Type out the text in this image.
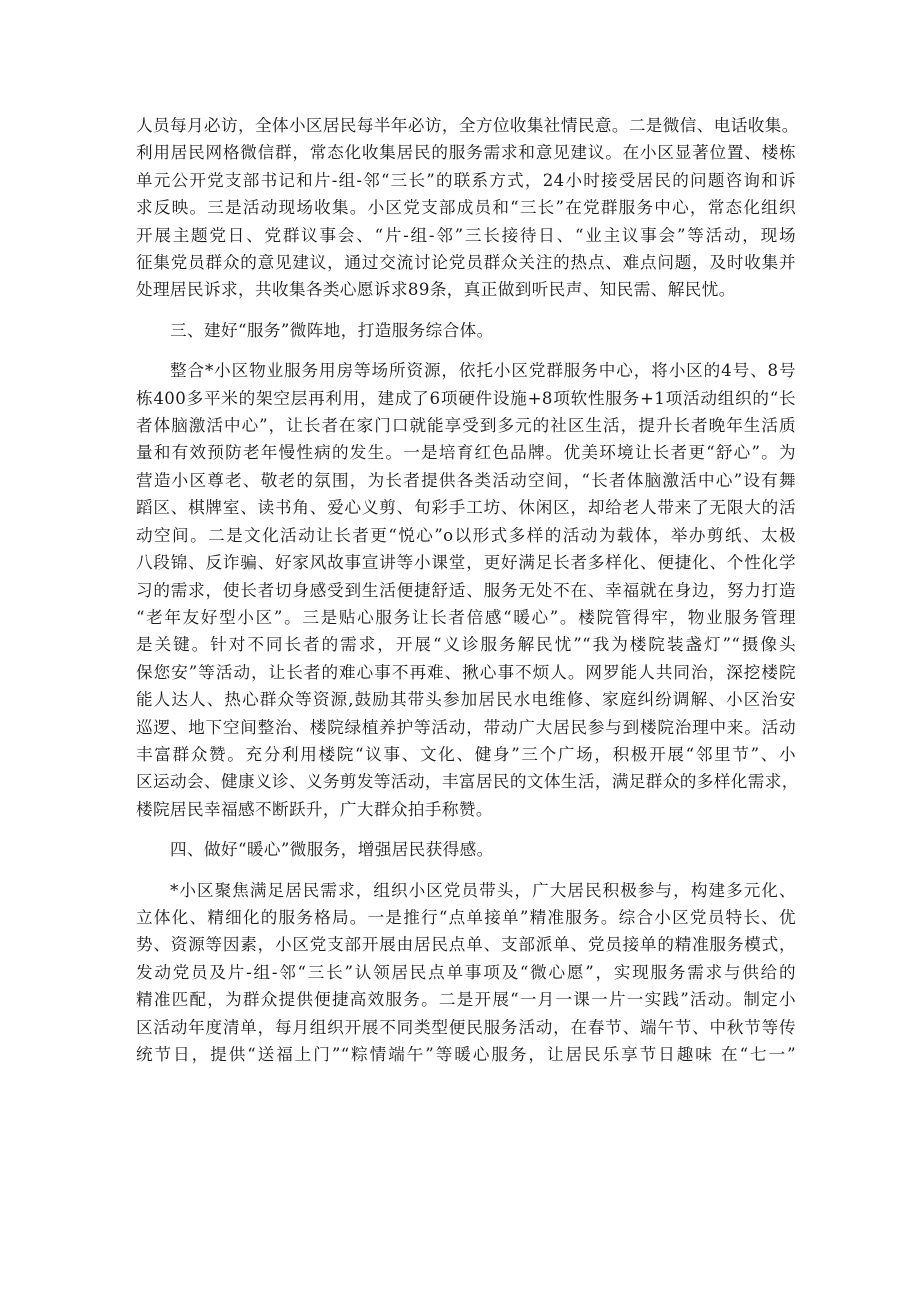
人员每月必访，全体小区居民每半年必访，全方位收集社情民意。二是微信、电话收集。
利用居民网格微信群，常态化收集居民的服务需求和意见建议。在小区显著位置、楼栋
单元公开党支部书记和片-组-邻“三长”的联系方式，24小时接受居民的问题咨询和诉
求反映。三是活动现场收集。小区党支部成员和“三长”在党群服务中心，常态化组织
开展主题党日、党群议事会、“片-组-邻”三长接待日、“业主议事会”等活动，现场
征集党员群众的意见建议，通过交流讨论党员群众关注的热点、难点问题，及时收集并
处理居民诉求，共收集各类心愿诉求89条，真正做到听民声、知民需、解民忧。

三、建好“服务”微阵地，打造服务综合体。

整合*小区物业服务用房等场所资源，依托小区党群服务中心，将小区的4号、8号
栋400多平米的架空层再利用，建成了6项硬件设施+8项软性服务+1项活动组织的“长
者体脑激活中心”，让长者在家门口就能享受到多元的社区生活，提升长者晚年生活质
量和有效预防老年慢性病的发生。一是培育红色品牌。优美环境让长者更“舒心”。为
营造小区尊老、敬老的氛围，为长者提供各类活动空间，“长者体脑激活中心”设有舞
蹈区、棋牌室、读书角、爱心义剪、旬彩手工坊、休闲区，却给老人带来了无限大的活
动空间。二是文化活动让长者更“悦心”o以形式多样的活动为载体，举办剪纸、太极
八段锦、反诈骗、好家风故事宣讲等小课堂，更好满足长者多样化、便捷化、个性化学
习的需求，使长者切身感受到生活便捷舒适、服务无处不在、幸福就在身边，努力打造
“老年友好型小区”。三是贴心服务让长者倍感“暖心”。楼院管得牢，物业服务管理
是关键。针对不同长者的需求，开展“义诊服务解民忧”“我为楼院装盏灯”“摄像头
保您安”等活动，让长者的难心事不再难、揪心事不烦人。网罗能人共同治，深挖楼院
能人达人、热心群众等资源,鼓励其带头参加居民水电维修、家庭纠纷调解、小区治安
巡逻、地下空间整治、楼院绿植养护等活动，带动广大居民参与到楼院治理中来。活动
丰富群众赞。充分利用楼院“议事、文化、健身”三个广场，积极开展“邻里节”、小
区运动会、健康义诊、义务剪发等活动，丰富居民的文体生活，满足群众的多样化需求，
楼院居民幸福感不断跃升，广大群众拍手称赞。

四、做好“暖心”微服务，增强居民获得感。

*小区聚焦满足居民需求，组织小区党员带头，广大居民积极参与，构建多元化、
立体化、精细化的服务格局。一是推行“点单接单”精准服务。综合小区党员特长、优
势、资源等因素，小区党支部开展由居民点单、支部派单、党员接单的精准服务模式，
发动党员及片-组-邻“三长”认领居民点单事项及“微心愿”，实现服务需求与供给的
精准匹配，为群众提供便捷高效服务。二是开展“一月一课一片一实践”活动。制定小
区活动年度清单，每月组织开展不同类型便民服务活动，在春节、端午节、中秋节等传
统节日，提供“送福上门”“粽情端午”等暖心服务，让居民乐享节日趣味 在“七一”
